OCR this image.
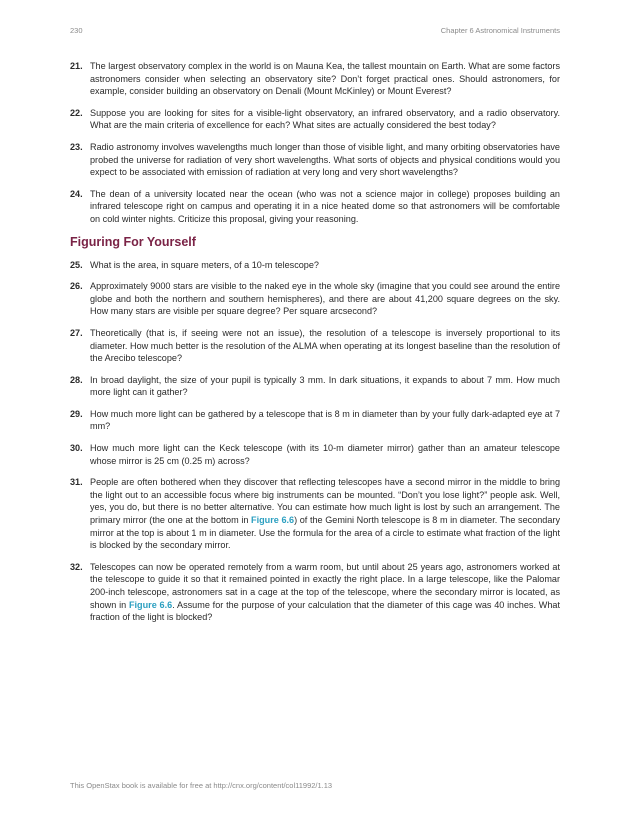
230	Chapter 6 Astronomical Instruments
21. The largest observatory complex in the world is on Mauna Kea, the tallest mountain on Earth. What are some factors astronomers consider when selecting an observatory site? Don’t forget practical ones. Should astronomers, for example, consider building an observatory on Denali (Mount McKinley) or Mount Everest?
22. Suppose you are looking for sites for a visible-light observatory, an infrared observatory, and a radio observatory. What are the main criteria of excellence for each? What sites are actually considered the best today?
23. Radio astronomy involves wavelengths much longer than those of visible light, and many orbiting observatories have probed the universe for radiation of very short wavelengths. What sorts of objects and physical conditions would you expect to be associated with emission of radiation at very long and very short wavelengths?
24. The dean of a university located near the ocean (who was not a science major in college) proposes building an infrared telescope right on campus and operating it in a nice heated dome so that astronomers will be comfortable on cold winter nights. Criticize this proposal, giving your reasoning.
Figuring For Yourself
25. What is the area, in square meters, of a 10-m telescope?
26. Approximately 9000 stars are visible to the naked eye in the whole sky (imagine that you could see around the entire globe and both the northern and southern hemispheres), and there are about 41,200 square degrees on the sky. How many stars are visible per square degree? Per square arcsecond?
27. Theoretically (that is, if seeing were not an issue), the resolution of a telescope is inversely proportional to its diameter. How much better is the resolution of the ALMA when operating at its longest baseline than the resolution of the Arecibo telescope?
28. In broad daylight, the size of your pupil is typically 3 mm. In dark situations, it expands to about 7 mm. How much more light can it gather?
29. How much more light can be gathered by a telescope that is 8 m in diameter than by your fully dark-adapted eye at 7 mm?
30. How much more light can the Keck telescope (with its 10-m diameter mirror) gather than an amateur telescope whose mirror is 25 cm (0.25 m) across?
31. People are often bothered when they discover that reflecting telescopes have a second mirror in the middle to bring the light out to an accessible focus where big instruments can be mounted. “Don’t you lose light?” people ask. Well, yes, you do, but there is no better alternative. You can estimate how much light is lost by such an arrangement. The primary mirror (the one at the bottom in Figure 6.6) of the Gemini North telescope is 8 m in diameter. The secondary mirror at the top is about 1 m in diameter. Use the formula for the area of a circle to estimate what fraction of the light is blocked by the secondary mirror.
32. Telescopes can now be operated remotely from a warm room, but until about 25 years ago, astronomers worked at the telescope to guide it so that it remained pointed in exactly the right place. In a large telescope, like the Palomar 200-inch telescope, astronomers sat in a cage at the top of the telescope, where the secondary mirror is located, as shown in Figure 6.6. Assume for the purpose of your calculation that the diameter of this cage was 40 inches. What fraction of the light is blocked?
This OpenStax book is available for free at http://cnx.org/content/col11992/1.13
